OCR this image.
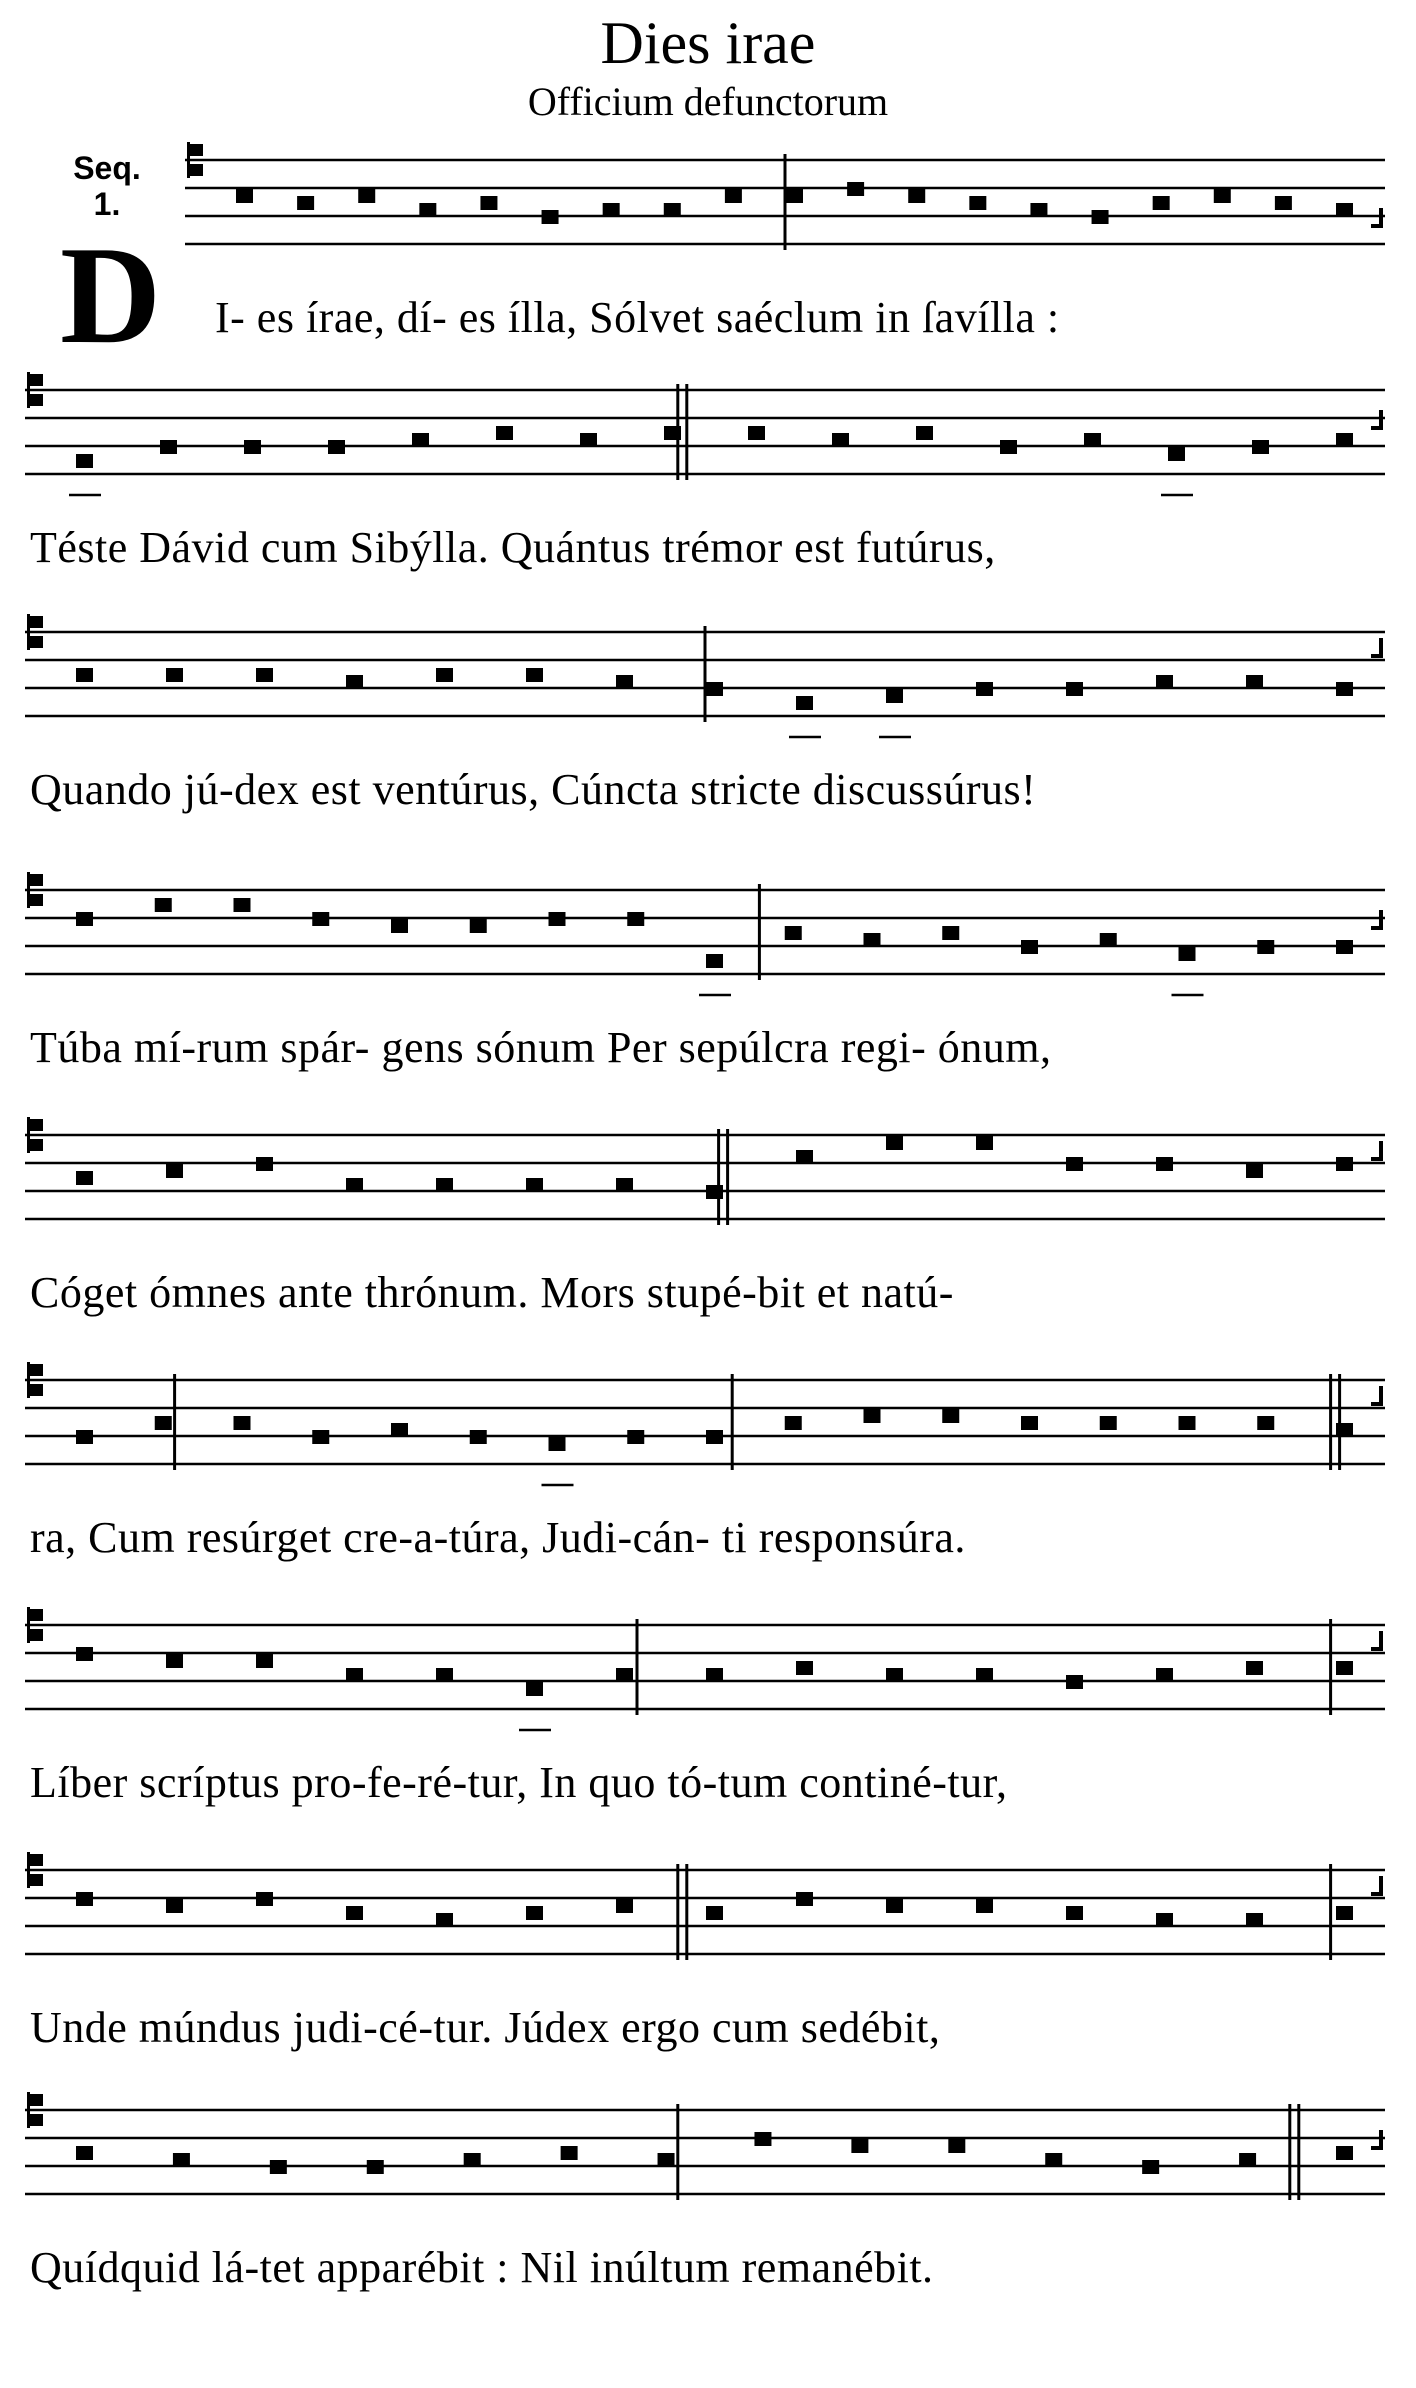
Dies irae
Officium defunctorum
Seq.
1.
D I- es írae, dí- es ílla, Sólvet saéclum in ſavílla :
Téste Dávid cum Sibýlla. Quántus trémor est futúrus,
Quando jú-dex est ventúrus, Cúncta stricte discussúrus!
Túba mí-rum spár- gens sónum Per sepúlcra regi- ónum,
Cóget ómnes ante thrónum. Mors stupé-bit et natú-
ra, Cum resúrget cre-a-túra, Judi-cán- ti responsúra.
Líber scríptus pro-fe-ré-tur, In quo tó-tum continé-tur,
Unde múndus judi-cé-tur. Júdex ergo cum sedébit,
Quídquid lá-tet apparébit : Nil inúltum remanébit.
